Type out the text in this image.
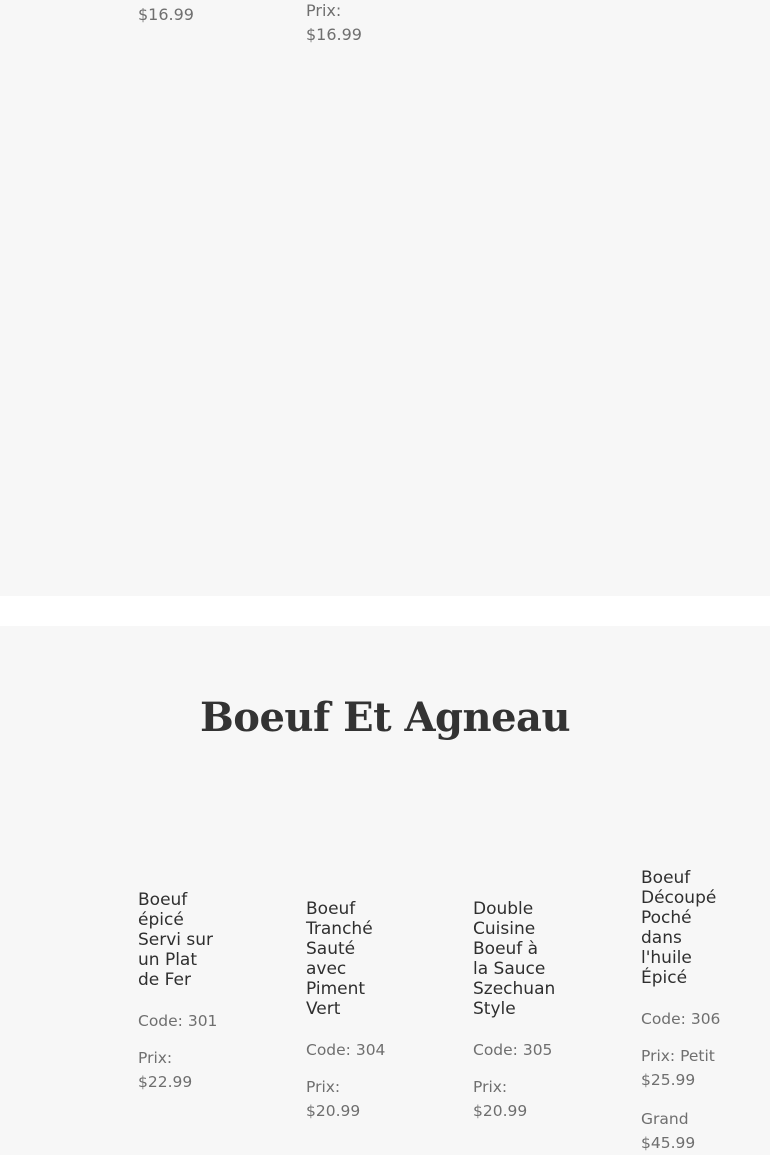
$16.99	Prix:
$16.99
Boeuf Et Agneau
Boeuf épicé Servi sur un Plat de Fer
Code: 301
Prix:
$22.99
Boeuf Tranché Sauté avec Piment Vert
Code: 304
Prix:
$20.99
Double Cuisine Boeuf à la Sauce Szechuan Style
Code: 305
Prix:
$20.99
Boeuf Découpé Poché dans l'huile Épicé
Code: 306
Prix: Petit
$25.99
Grand
$45.99
